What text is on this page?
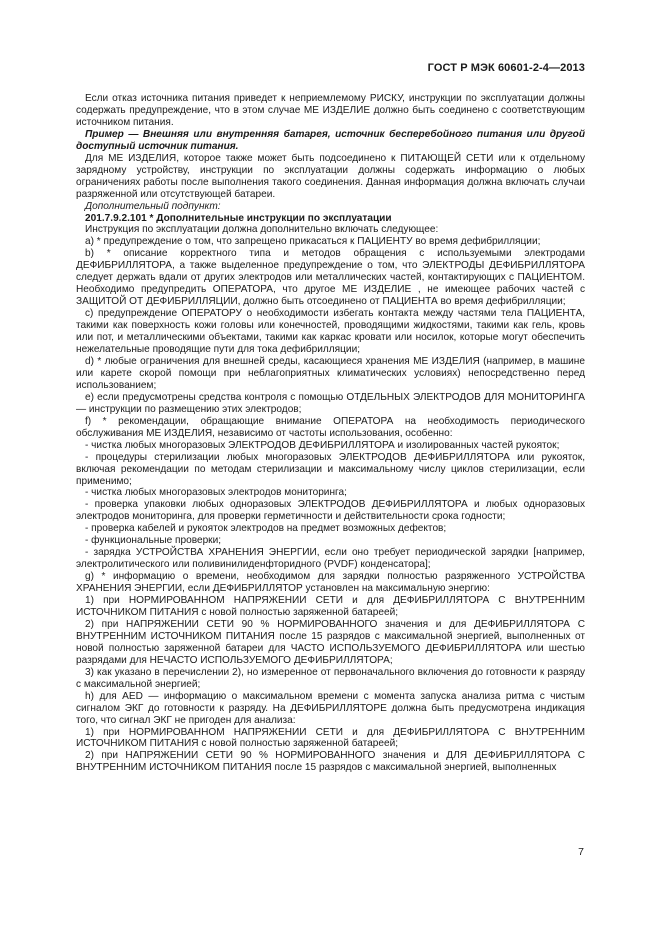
ГОСТ Р МЭК 60601-2-4—2013

Если отказ источника питания приведет к неприемлемому РИСКУ, инструкции по эксплуатации должны содержать предупреждение, что в этом случае МЕ ИЗДЕЛИЕ должно быть соединено с соответствующим источником питания.

Пример — Внешняя или внутренняя батарея, источник бесперебойного питания или другой доступный источник питания.

Для МЕ ИЗДЕЛИЯ, которое также может быть подсоединено к ПИТАЮЩЕЙ СЕТИ или к отдельному зарядному устройству, инструкции по эксплуатации должны содержать информацию о любых ограничениях работы после выполнения такого соединения. Данная информация должна включать случаи разряженной или отсутствующей батареи.

Дополнительный подпункт:

201.7.9.2.101 * Дополнительные инструкции по эксплуатации

Инструкция по эксплуатации должна дополнительно включать следующее:

a) * предупреждение о том, что запрещено прикасаться к ПАЦИЕНТУ во время дефибрилляции;

b) * описание корректного типа и методов обращения с используемыми электродами ДЕФИБРИЛЛЯТОРА, а также выделенное предупреждение о том, что ЭЛЕКТРОДЫ ДЕФИБРИЛЛЯТОРА следует держать вдали от других электродов или металлических частей, контактирующих с ПАЦИЕНТОМ. Необходимо предупредить ОПЕРАТОРА, что другое МЕ ИЗДЕЛИЕ , не имеющее рабочих частей с ЗАЩИТОЙ ОТ ДЕФИБРИЛЛЯЦИИ, должно быть отсоединено от ПАЦИЕНТА во время дефибрилляции;

c) предупреждение ОПЕРАТОРУ о необходимости избегать контакта между частями тела ПАЦИЕНТА, такими как поверхность кожи головы или конечностей, проводящими жидкостями, такими как гель, кровь или пот, и металлическими объектами, такими как каркас кровати или носилок, которые могут обеспечить нежелательные проводящие пути для тока дефибрилляции;

d) * любые ограничения для внешней среды, касающиеся хранения МЕ ИЗДЕЛИЯ (например, в машине или карете скорой помощи при неблагоприятных климатических условиях) непосредственно перед использованием;

e) если предусмотрены средства контроля с помощью ОТДЕЛЬНЫХ ЭЛЕКТРОДОВ ДЛЯ МОНИТОРИНГА — инструкции по размещению этих электродов;

f) * рекомендации, обращающие внимание ОПЕРАТОРА на необходимость периодического обслуживания МЕ ИЗДЕЛИЯ, независимо от частоты использования, особенно:

- чистка любых многоразовых ЭЛЕКТРОДОВ ДЕФИБРИЛЛЯТОРА и изолированных частей рукояток;

- процедуры стерилизации любых многоразовых ЭЛЕКТРОДОВ ДЕФИБРИЛЛЯТОРА или рукояток, включая рекомендации по методам стерилизации и максимальному числу циклов стерилизации, если применимо;

- чистка любых многоразовых электродов мониторинга;

- проверка упаковки любых одноразовых ЭЛЕКТРОДОВ ДЕФИБРИЛЛЯТОРА и любых одноразовых электродов мониторинга, для проверки герметичности и действительности срока годности;

- проверка кабелей и рукояток электродов на предмет возможных дефектов;

- функциональные проверки;

- зарядка УСТРОЙСТВА ХРАНЕНИЯ ЭНЕРГИИ, если оно требует периодической зарядки [например, электролитического или поливинилиденфторидного (PVDF) конденсатора];

g) * информацию о времени, необходимом для зарядки полностью разряженного УСТРОЙСТВА ХРАНЕНИЯ ЭНЕРГИИ, если ДЕФИБРИЛЛЯТОР установлен на максимальную энергию:

1) при НОРМИРОВАННОМ НАПРЯЖЕНИИ СЕТИ и для ДЕФИБРИЛЛЯТОРА С ВНУТРЕННИМ ИСТОЧНИКОМ ПИТАНИЯ с новой полностью заряженной батареей;

2) при НАПРЯЖЕНИИ СЕТИ 90 % НОРМИРОВАННОГО значения и для ДЕФИБРИЛЛЯТОРА С ВНУТРЕННИМ ИСТОЧНИКОМ ПИТАНИЯ после 15 разрядов с максимальной энергией, выполненных от новой полностью заряженной батареи для ЧАСТО ИСПОЛЬЗУЕМОГО ДЕФИБРИЛЛЯТОРА или шестью разрядами для НЕЧАСТО ИСПОЛЬЗУЕМОГО ДЕФИБРИЛЛЯТОРА;

3) как указано в перечислении 2), но измеренное от первоначального включения до готовности к разряду с максимальной энергией;

h) для AED — информацию о максимальном времени с момента запуска анализа ритма с чистым сигналом ЭКГ до готовности к разряду. На ДЕФИБРИЛЛЯТОРЕ должна быть предусмотрена индикация того, что сигнал ЭКГ не пригоден для анализа:

1) при НОРМИРОВАННОМ НАПРЯЖЕНИИ СЕТИ и для ДЕФИБРИЛЛЯТОРА С ВНУТРЕННИМ ИСТОЧНИКОМ ПИТАНИЯ с новой полностью заряженной батареей;

2) при НАПРЯЖЕНИИ СЕТИ 90 % НОРМИРОВАННОГО значения и ДЛЯ ДЕФИБРИЛЛЯТОРА С ВНУТРЕННИМ ИСТОЧНИКОМ ПИТАНИЯ после 15 разрядов с максимальной энергией, выполненных

7
